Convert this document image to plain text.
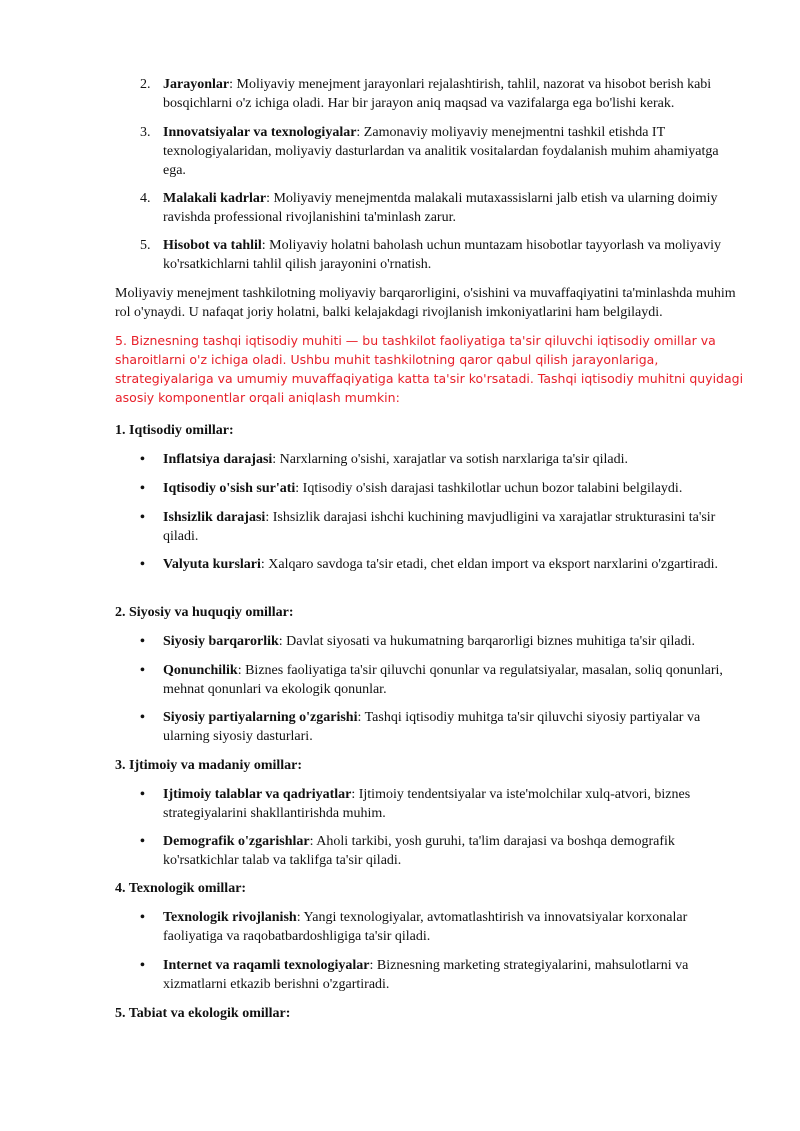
2. Jarayonlar: Moliyaviy menejment jarayonlari rejalashtirish, tahlil, nazorat va hisobot berish kabi bosqichlarni o'z ichiga oladi. Har bir jarayon aniq maqsad va vazifalarga ega bo'lishi kerak.
3. Innovatsiyalar va texnologiyalar: Zamonaviy moliyaviy menejmentni tashkil etishda IT texnologiyalaridan, moliyaviy dasturlardan va analitik vositalardan foydalanish muhim ahamiyatga ega.
4. Malakali kadrlar: Moliyaviy menejmentda malakali mutaxassislarni jalb etish va ularning doimiy ravishda professional rivojlanishini ta'minlash zarur.
5. Hisobot va tahlil: Moliyaviy holatni baholash uchun muntazam hisobotlar tayyorlash va moliyaviy ko'rsatkichlarni tahlil qilish jarayonini o'rnatish.

Moliyaviy menejment tashkilotning moliyaviy barqarorligini, o'sishini va muvaffaqiyatini ta'minlashda muhim rol o'ynaydi. U nafaqat joriy holatni, balki kelajakdagi rivojlanish imkoniyatlarini ham belgilaydi.

5. Biznesning tashqi iqtisodiy muhiti — bu tashkilot faoliyatiga ta'sir qiluvchi iqtisodiy omillar va sharoitlarni o'z ichiga oladi. Ushbu muhit tashkilotning qaror qabul qilish jarayonlariga, strategiyalariga va umumiy muvaffaqiyatiga katta ta'sir ko'rsatadi. Tashqi iqtisodiy muhitni quyidagi asosiy komponentlar orqali aniqlash mumkin:

1. Iqtisodiy omillar:
• Inflatsiya darajasi: Narxlarning o'sishi, xarajatlar va sotish narxlariga ta'sir qiladi.
• Iqtisodiy o'sish sur'ati: Iqtisodiy o'sish darajasi tashkilotlar uchun bozor talabini belgilaydi.
• Ishsizlik darajasi: Ishsizlik darajasi ishchi kuchining mavjudligini va xarajatlar strukturasini ta'sir qiladi.
• Valyuta kurslari: Xalqaro savdoga ta'sir etadi, chet eldan import va eksport narxlarini o'zgartiradi.
2. Siyosiy va huquqiy omillar:
• Siyosiy barqarorlik: Davlat siyosati va hukumatning barqarorligi biznes muhitiga ta'sir qiladi.
• Qonunchilik: Biznes faoliyatiga ta'sir qiluvchi qonunlar va regulatsiyalar, masalan, soliq qonunlari, mehnat qonunlari va ekologik qonunlar.
• Siyosiy partiyalarning o'zgarishi: Tashqi iqtisodiy muhitga ta'sir qiluvchi siyosiy partiyalar va ularning siyosiy dasturlari.
3. Ijtimoiy va madaniy omillar:
• Ijtimoiy talablar va qadriyatlar: Ijtimoiy tendentsiyalar va iste'molchilar xulq-atvori, biznes strategiyalarini shakllantirishda muhim.
• Demografik o'zgarishlar: Aholi tarkibi, yosh guruhi, ta'lim darajasi va boshqa demografik ko'rsatkichlar talab va taklifga ta'sir qiladi.
4. Texnologik omillar:
• Texnologik rivojlanish: Yangi texnologiyalar, avtomatlashtirish va innovatsiyalar korxonalar faoliyatiga va raqobatbardoshligiga ta'sir qiladi.
• Internet va raqamli texnologiyalar: Biznesning marketing strategiyalarini, mahsulotlarni va xizmatlarni etkazib berishni o'zgartiradi.
5. Tabiat va ekologik omillar:
